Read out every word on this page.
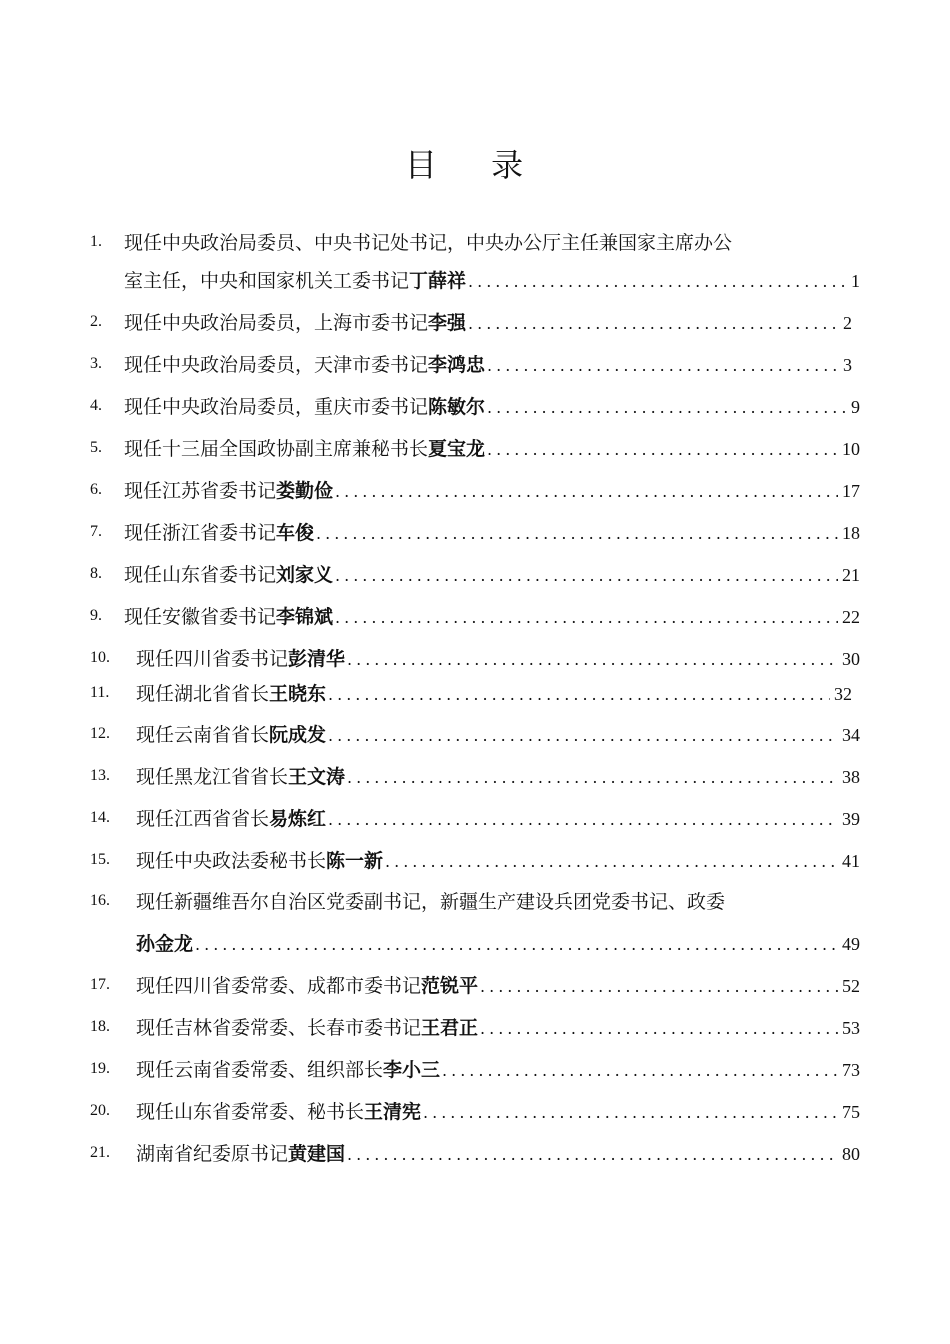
目 录
1. 现任中央政治局委员、中央书记处书记，中央办公厅主任兼国家主席办公
室主任，中央和国家机关工委书记 丁薛祥 .....	1
2. 现任中央政治局委员，上海市委书记 李强 .....	2
3. 现任中央政治局委员，天津市委书记 李鸿忠 .....	3
4. 现任中央政治局委员，重庆市委书记 陈敏尔 .....	9
5. 现任十三届全国政协副主席兼秘书长 夏宝龙 .....	10
6. 现任江苏省委书记 娄勤俭 .....	17
7. 现任浙江省委书记 车俊 .....	18
8. 现任山东省委书记 刘家义 .....	21
9. 现任安徽省委书记 李锦斌 .....	22
10. 现任四川省委书记 彭清华 .....	30
11. 现任湖北省省长 王晓东 .....	32
12. 现任云南省省长 阮成发 .....	34
13. 现任黑龙江省省长 王文涛 .....	38
14. 现任江西省省长 易炼红 .....	39
15. 现任中央政法委秘书长 陈一新 .....	41
16. 现任新疆维吾尔自治区党委副书记，新疆生产建设兵团党委书记、政委
孙金龙 .....	49
17. 现任四川省委常委、成都市委书记 范锐平 .....	52
18. 现任吉林省委常委、长春市委书记 王君正 .....	53
19. 现任云南省委常委、组织部长 李小三 .....	73
20. 现任山东省委常委、秘书长 王清宪 .....	75
21. 湖南省纪委原书记 黄建国 .....	80
